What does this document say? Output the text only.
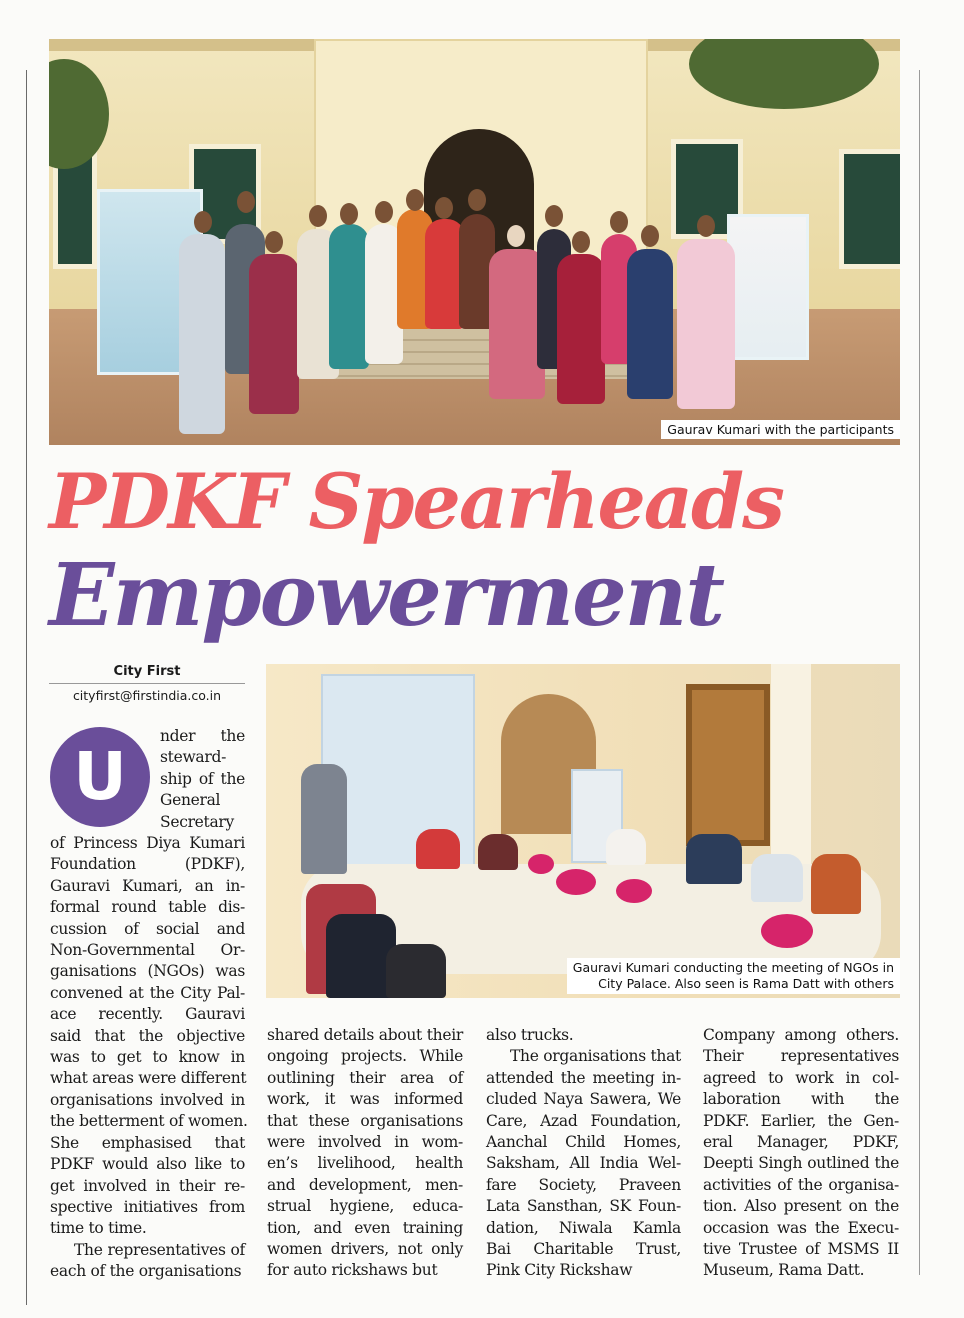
Gaurav Kumari with the participants
PDKF Spearheads
Empowerment
City First
cityfirst@firstindia.co.in
U
nder the
steward-
ship of the
General
Secretary
of Princess Diya Kumari
Foundation (PDKF),
Gauravi Kumari, an in-
formal round table dis-
cussion of social and
Non-Governmental Or-
ganisations (NGOs) was
convened at the City Pal-
ace recently. Gauravi
said that the objective
was to get to know in
what areas were different
organisations involved in
the betterment of women.
She emphasised that
PDKF would also like to
get involved in their re-
spective initiatives from
time to time.
The representatives of
each of the organisations
shared details about their
ongoing projects. While
outlining their area of
work, it was informed
that these organisations
were involved in wom-
en’s livelihood, health
and development, men-
strual hygiene, educa-
tion, and even training
women drivers, not only
for auto rickshaws but
also trucks.
The organisations that
attended the meeting in-
cluded Naya Sawera, We
Care, Azad Foundation,
Aanchal Child Homes,
Saksham, All India Wel-
fare Society, Praveen
Lata Sansthan, SK Foun-
dation, Niwala Kamla
Bai Charitable Trust,
Pink City Rickshaw
Company among others.
Their representatives
agreed to work in col-
laboration with the
PDKF. Earlier, the Gen-
eral Manager, PDKF,
Deepti Singh outlined the
activities of the organisa-
tion. Also present on the
occasion was the Execu-
tive Trustee of MSMS II
Museum, Rama Datt.
Gauravi Kumari conducting the meeting of NGOs in
City Palace. Also seen is Rama Datt with others
